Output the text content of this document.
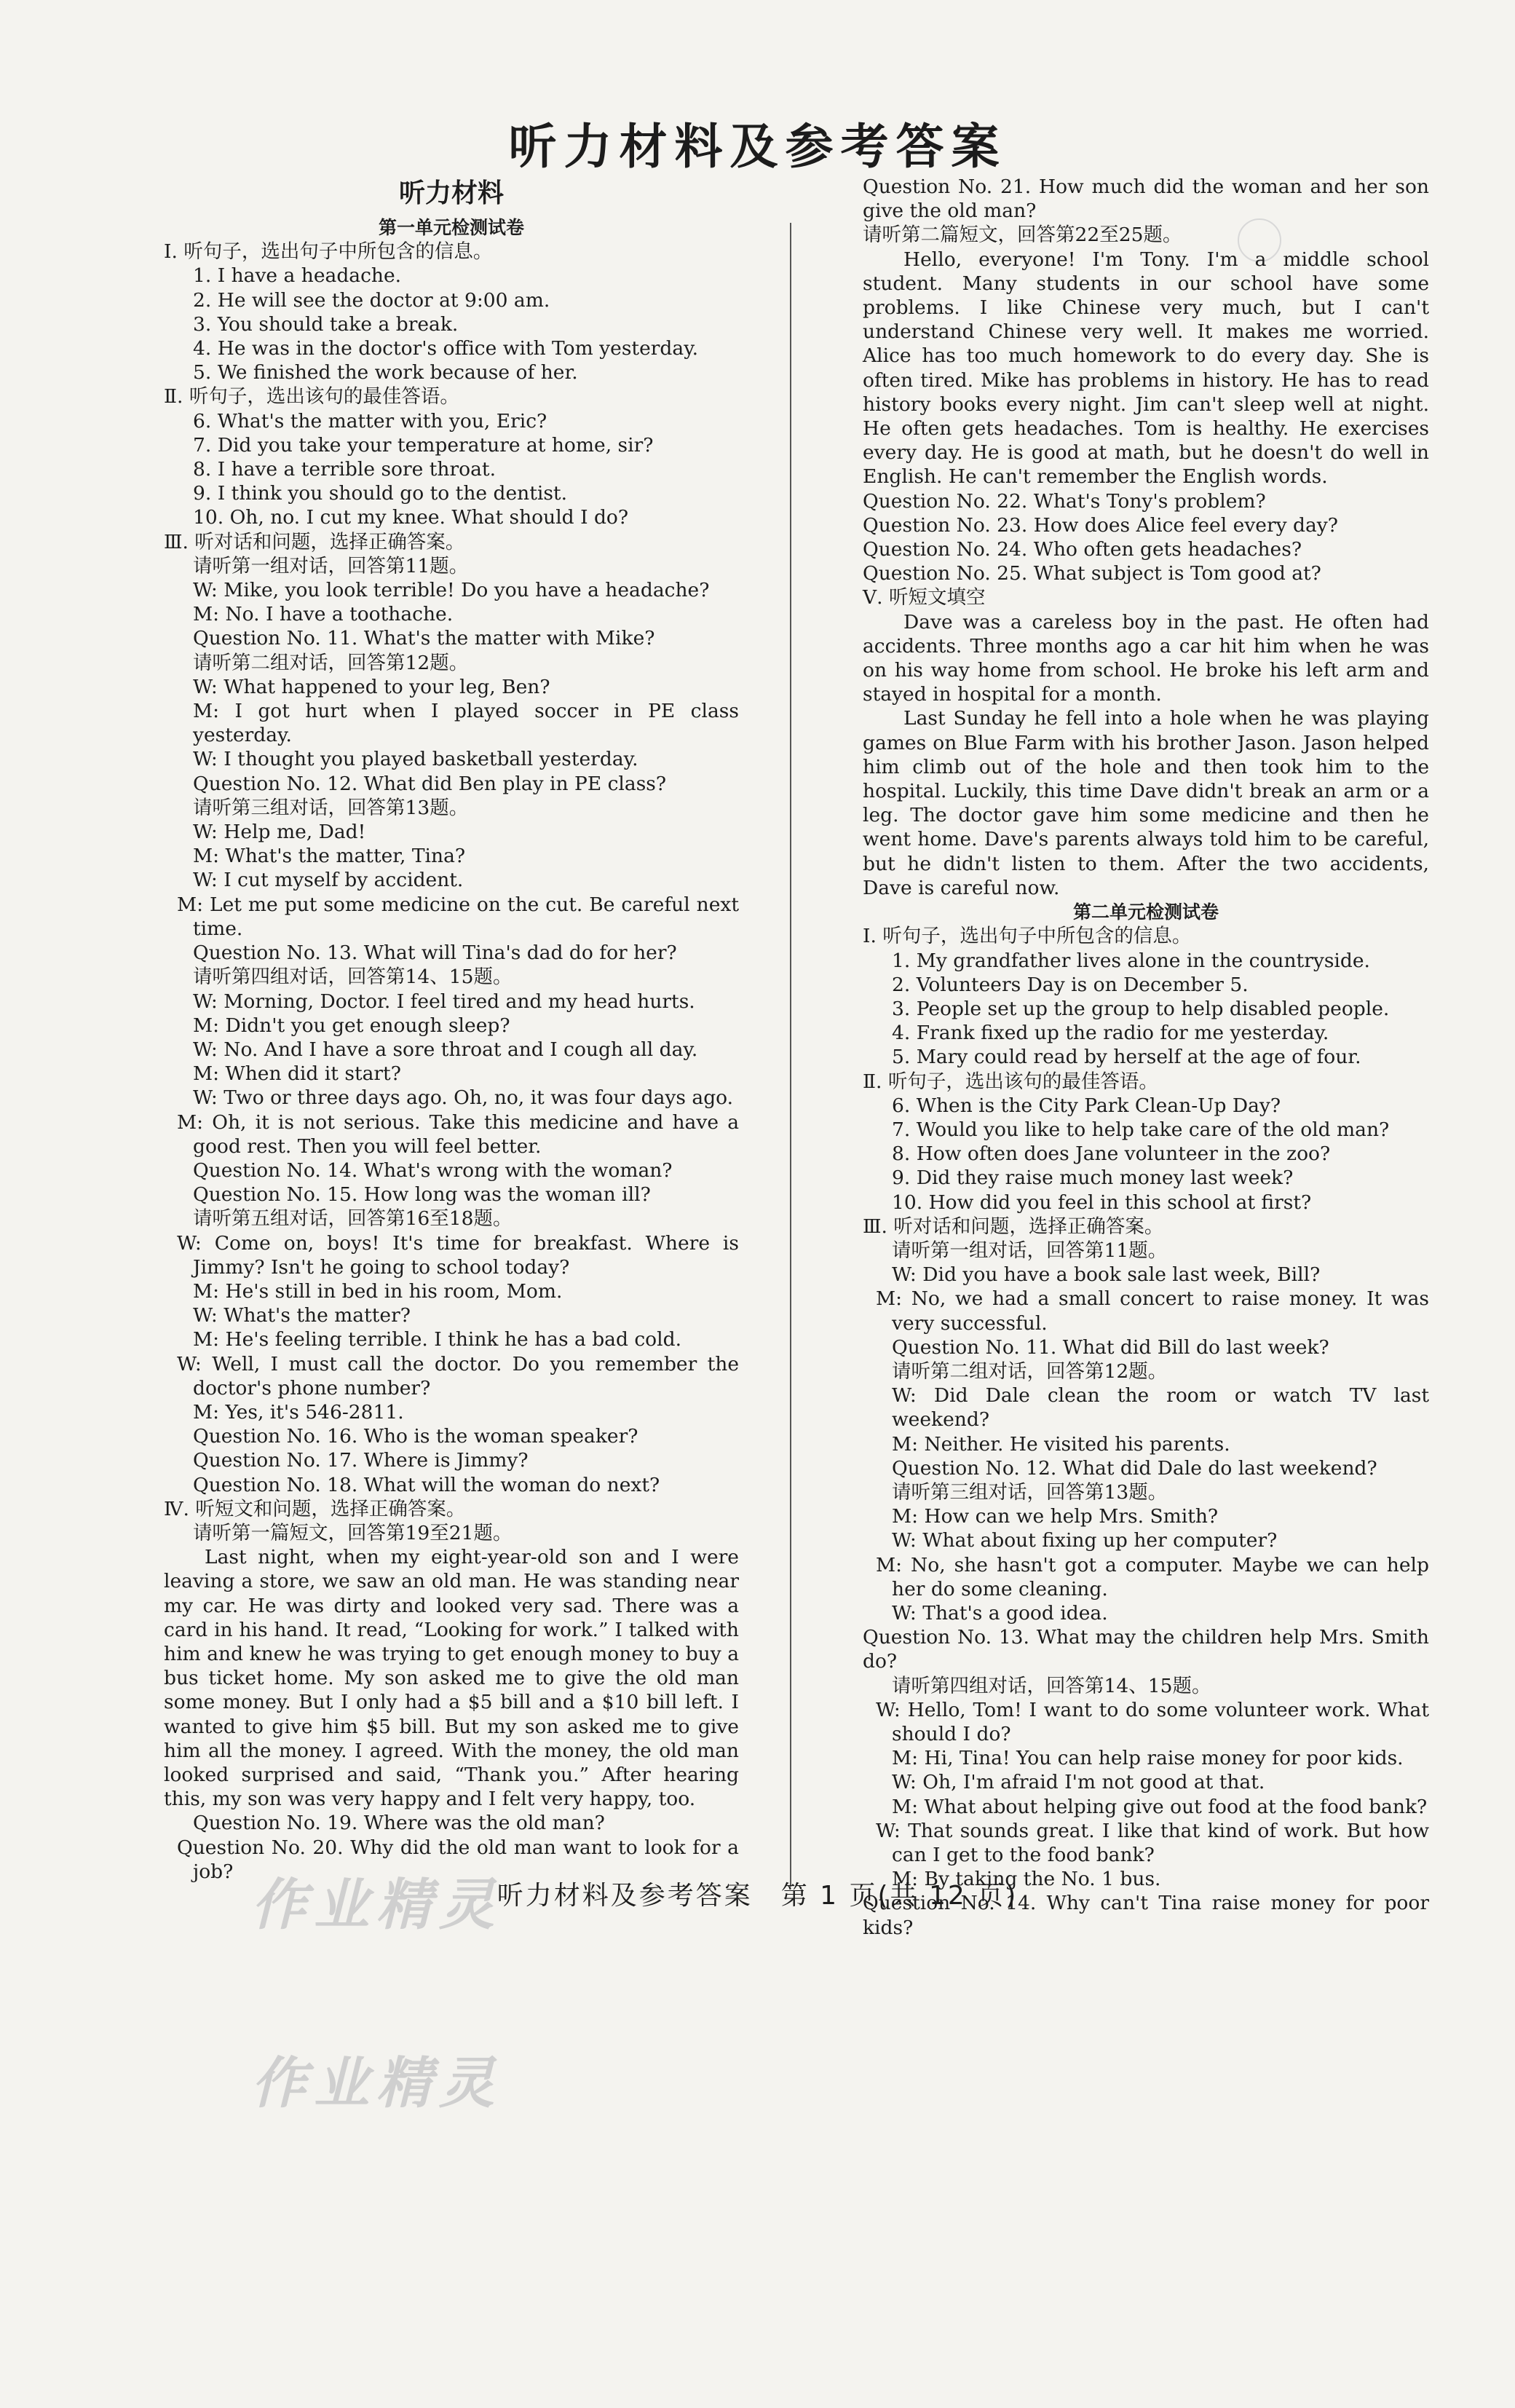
听力材料及参考答案

听力材料

第一单元检测试卷

Ⅰ. 听句子，选出句子中所包含的信息。

1. I have a headache.

2. He will see the doctor at 9:00 am.

3. You should take a break.

4. He was in the doctor's office with Tom yesterday.

5. We finished the work because of her.

Ⅱ. 听句子，选出该句的最佳答语。

6. What's the matter with you, Eric?

7. Did you take your temperature at home, sir?

8. I have a terrible sore throat.

9. I think you should go to the dentist.

10. Oh, no. I cut my knee. What should I do?

Ⅲ. 听对话和问题，选择正确答案。

请听第一组对话，回答第11题。

W: Mike, you look terrible! Do you have a headache?

M: No. I have a toothache.

Question No. 11. What's the matter with Mike?

请听第二组对话，回答第12题。

W: What happened to your leg, Ben?

M: I got hurt when I played soccer in PE class yesterday.

W: I thought you played basketball yesterday.

Question No. 12. What did Ben play in PE class?

请听第三组对话，回答第13题。

W: Help me, Dad!

M: What's the matter, Tina?

W: I cut myself by accident.

M: Let me put some medicine on the cut. Be careful next time.

Question No. 13. What will Tina's dad do for her?

请听第四组对话，回答第14、15题。

W: Morning, Doctor. I feel tired and my head hurts.

M: Didn't you get enough sleep?

W: No. And I have a sore throat and I cough all day.

M: When did it start?

W: Two or three days ago. Oh, no, it was four days ago.

M: Oh, it is not serious. Take this medicine and have a good rest. Then you will feel better.

Question No. 14. What's wrong with the woman?

Question No. 15. How long was the woman ill?

请听第五组对话，回答第16至18题。

W: Come on, boys! It's time for breakfast. Where is Jimmy? Isn't he going to school today?

M: He's still in bed in his room, Mom.

W: What's the matter?

M: He's feeling terrible. I think he has a bad cold.

W: Well, I must call the doctor. Do you remember the doctor's phone number?

M: Yes, it's 546-2811.

Question No. 16. Who is the woman speaker?

Question No. 17. Where is Jimmy?

Question No. 18. What will the woman do next?

Ⅳ. 听短文和问题，选择正确答案。

请听第一篇短文，回答第19至21题。

Last night, when my eight-year-old son and I were leaving a store, we saw an old man. He was standing near my car. He was dirty and looked very sad. There was a card in his hand. It read, “Looking for work.” I talked with him and knew he was trying to get enough money to buy a bus ticket home. My son asked me to give the old man some money. But I only had a $5 bill and a $10 bill left. I wanted to give him $5 bill. But my son asked me to give him all the money. I agreed. With the money, the old man looked surprised and said, “Thank you.” After hearing this, my son was very happy and I felt very happy, too.

Question No. 19. Where was the old man?

Question No. 20. Why did the old man want to look for a job?

Question No. 21. How much did the woman and her son give the old man?

请听第二篇短文，回答第22至25题。

Hello, everyone! I'm Tony. I'm a middle school student. Many students in our school have some problems. I like Chinese very much, but I can't understand Chinese very well. It makes me worried. Alice has too much homework to do every day. She is often tired. Mike has problems in history. He has to read history books every night. Jim can't sleep well at night. He often gets headaches. Tom is healthy. He exercises every day. He is good at math, but he doesn't do well in English. He can't remember the English words.

Question No. 22. What's Tony's problem?

Question No. 23. How does Alice feel every day?

Question No. 24. Who often gets headaches?

Question No. 25. What subject is Tom good at?

Ⅴ. 听短文填空

Dave was a careless boy in the past. He often had accidents. Three months ago a car hit him when he was on his way home from school. He broke his left arm and stayed in hospital for a month.

Last Sunday he fell into a hole when he was playing games on Blue Farm with his brother Jason. Jason helped him climb out of the hole and then took him to the hospital. Luckily, this time Dave didn't break an arm or a leg. The doctor gave him some medicine and then he went home. Dave's parents always told him to be careful, but he didn't listen to them. After the two accidents, Dave is careful now.

第二单元检测试卷

Ⅰ. 听句子，选出句子中所包含的信息。

1. My grandfather lives alone in the countryside.

2. Volunteers Day is on December 5.

3. People set up the group to help disabled people.

4. Frank fixed up the radio for me yesterday.

5. Mary could read by herself at the age of four.

Ⅱ. 听句子，选出该句的最佳答语。

6. When is the City Park Clean-Up Day?

7. Would you like to help take care of the old man?

8. How often does Jane volunteer in the zoo?

9. Did they raise much money last week?

10. How did you feel in this school at first?

Ⅲ. 听对话和问题，选择正确答案。

请听第一组对话，回答第11题。

W: Did you have a book sale last week, Bill?

M: No, we had a small concert to raise money. It was very successful.

Question No. 11. What did Bill do last week?

请听第二组对话，回答第12题。

W: Did Dale clean the room or watch TV last weekend?

M: Neither. He visited his parents.

Question No. 12. What did Dale do last weekend?

请听第三组对话，回答第13题。

M: How can we help Mrs. Smith?

W: What about fixing up her computer?

M: No, she hasn't got a computer. Maybe we can help her do some cleaning.

W: That's a good idea.

Question No. 13. What may the children help Mrs. Smith do?

请听第四组对话，回答第14、15题。

W: Hello, Tom! I want to do some volunteer work. What should I do?

M: Hi, Tina! You can help raise money for poor kids.

W: Oh, I'm afraid I'm not good at that.

M: What about helping give out food at the food bank?

W: That sounds great. I like that kind of work. But how can I get to the food bank?

M: By taking the No. 1 bus.

Question No. 14. Why can't Tina raise money for poor kids?

听力材料及参考答案　第 1 页(共 12 页)
作业精灵
作业精灵
